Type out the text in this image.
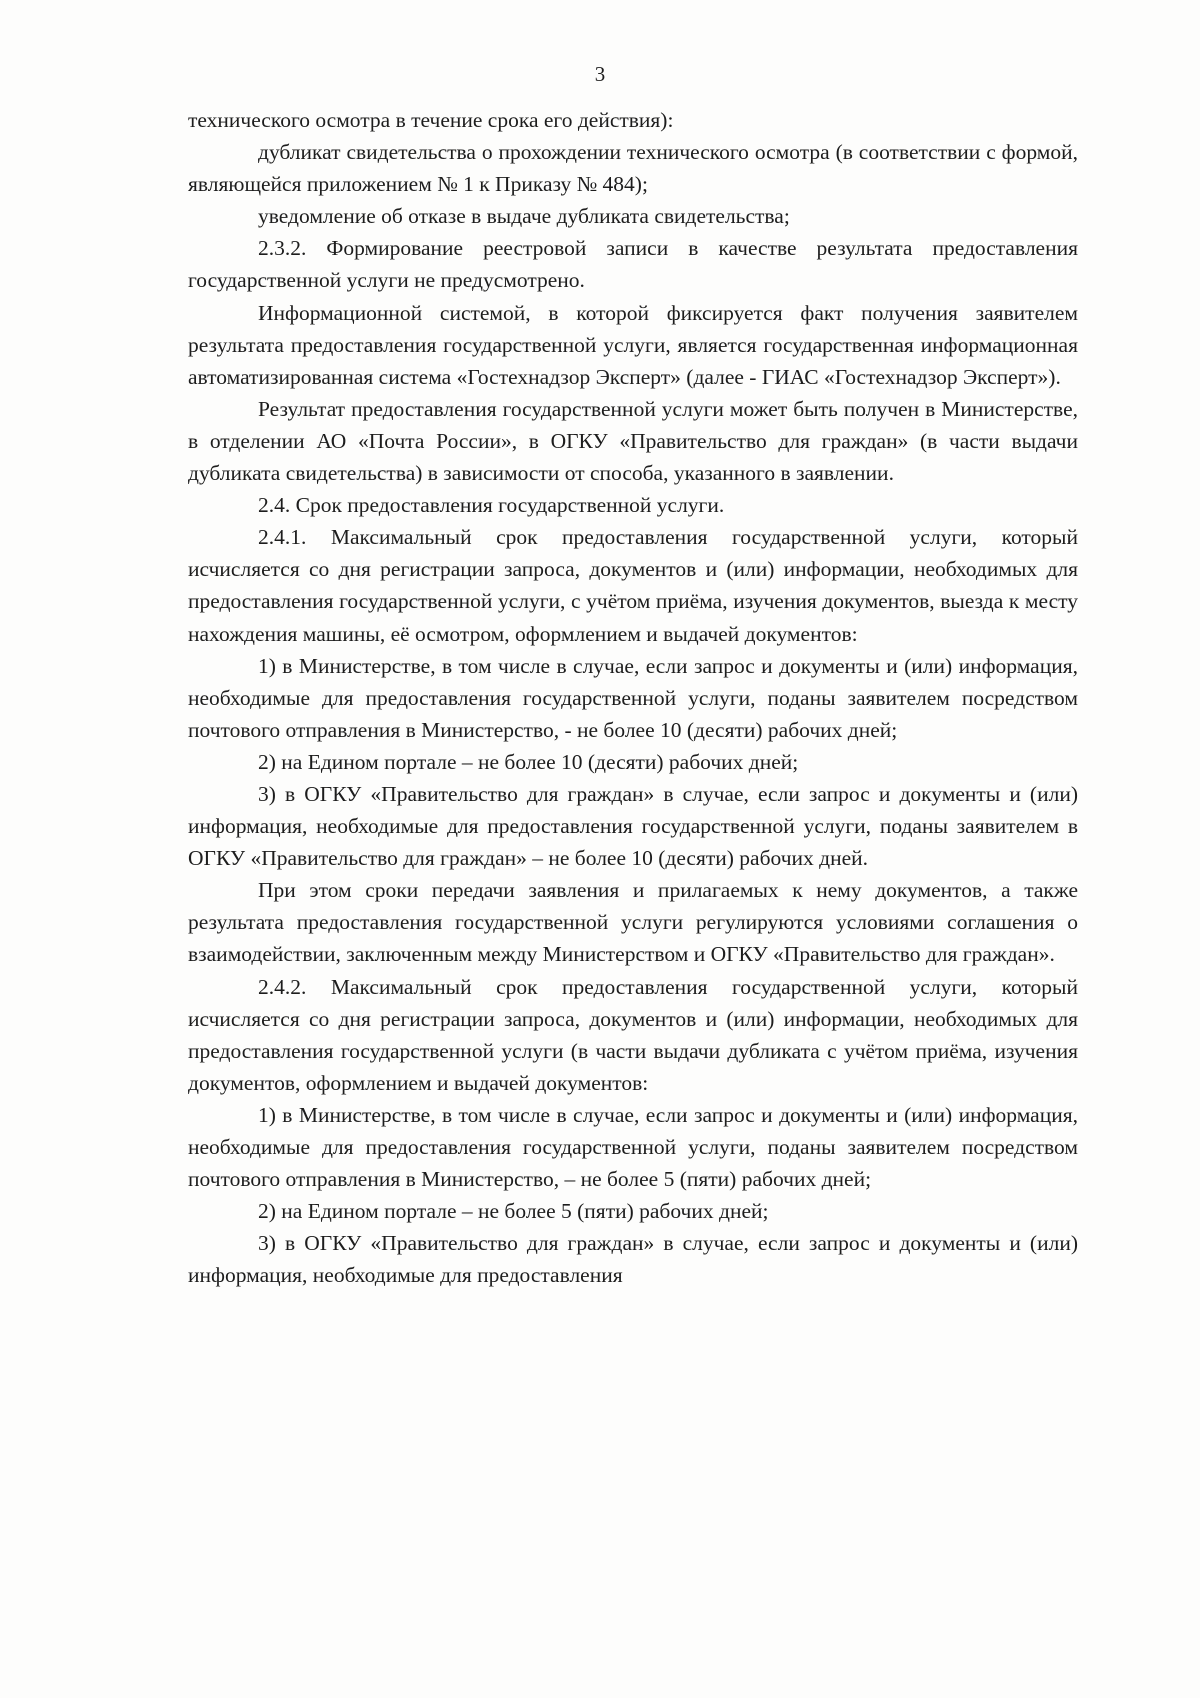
3

технического осмотра в течение срока его действия):

дубликат свидетельства о прохождении технического осмотра (в соответствии с формой, являющейся приложением № 1 к Приказу № 484);

уведомление об отказе в выдаче дубликата свидетельства;

2.3.2. Формирование реестровой записи в качестве результата предоставления государственной услуги не предусмотрено.

Информационной системой, в которой фиксируется факт получения заявителем результата предоставления государственной услуги, является государственная информационная автоматизированная система «Гостехнадзор Эксперт» (далее - ГИАС «Гостехнадзор Эксперт»).

Результат предоставления государственной услуги может быть получен в Министерстве, в отделении АО «Почта России», в ОГКУ «Правительство для граждан» (в части выдачи дубликата свидетельства) в зависимости от способа, указанного в заявлении.

2.4. Срок предоставления государственной услуги.

2.4.1. Максимальный срок предоставления государственной услуги, который исчисляется со дня регистрации запроса, документов и (или) информации, необходимых для предоставления государственной услуги, с учётом приёма, изучения документов, выезда к месту нахождения машины, её осмотром, оформлением и выдачей документов:

1) в Министерстве, в том числе в случае, если запрос и документы и (или) информация, необходимые для предоставления государственной услуги, поданы заявителем посредством почтового отправления в Министерство, - не более 10 (десяти) рабочих дней;

2) на Едином портале – не более 10 (десяти) рабочих дней;

3) в ОГКУ «Правительство для граждан» в случае, если запрос и документы и (или) информация, необходимые для предоставления государственной услуги, поданы заявителем в ОГКУ «Правительство для граждан» – не более 10 (десяти) рабочих дней.

При этом сроки передачи заявления и прилагаемых к нему документов, а также результата предоставления государственной услуги регулируются условиями соглашения о взаимодействии, заключенным между Министерством и ОГКУ «Правительство для граждан».

2.4.2. Максимальный срок предоставления государственной услуги, который исчисляется со дня регистрации запроса, документов и (или) информации, необходимых для предоставления государственной услуги (в части выдачи дубликата с учётом приёма, изучения документов, оформлением и выдачей документов:

1) в Министерстве, в том числе в случае, если запрос и документы и (или) информация, необходимые для предоставления государственной услуги, поданы заявителем посредством почтового отправления в Министерство, – не более 5 (пяти) рабочих дней;

2) на Едином портале – не более 5 (пяти) рабочих дней;

3) в ОГКУ «Правительство для граждан» в случае, если запрос и документы и (или) информация, необходимые для предоставления
